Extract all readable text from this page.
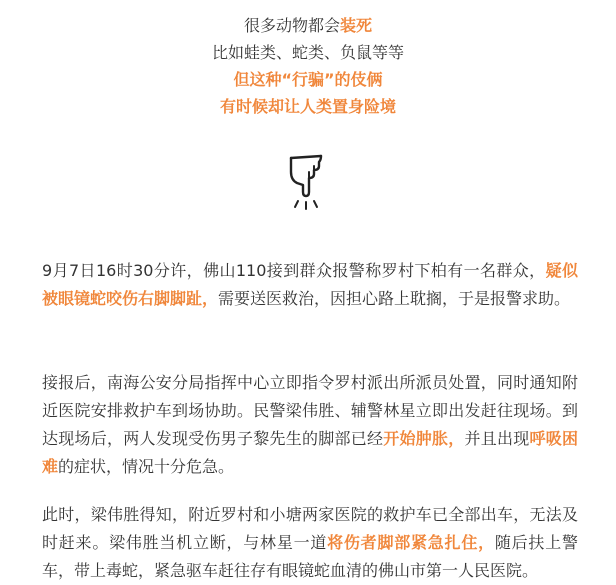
很多动物都会装死
比如蛙类、蛇类、负鼠等等
但这种“行骗”的伎俩
有时候却让人类置身险境

9月7日16时30分许，佛山110接到群众报警称罗村下柏有一名群众，疑似被眼镜蛇咬伤右脚脚趾，需要送医救治，因担心路上耽搁，于是报警求助。

接报后，南海公安分局指挥中心立即指令罗村派出所派员处置，同时通知附近医院安排救护车到场协助。民警梁伟胜、辅警林星立即出发赶往现场。到达现场后，两人发现受伤男子黎先生的脚部已经开始肿胀，并且出现呼吸困难的症状，情况十分危急。

此时，梁伟胜得知，附近罗村和小塘两家医院的救护车已全部出车，无法及时赶来。梁伟胜当机立断，与林星一道将伤者脚部紧急扎住，随后扶上警车，带上毒蛇，紧急驱车赶往存有眼镜蛇血清的佛山市第一人民医院。
